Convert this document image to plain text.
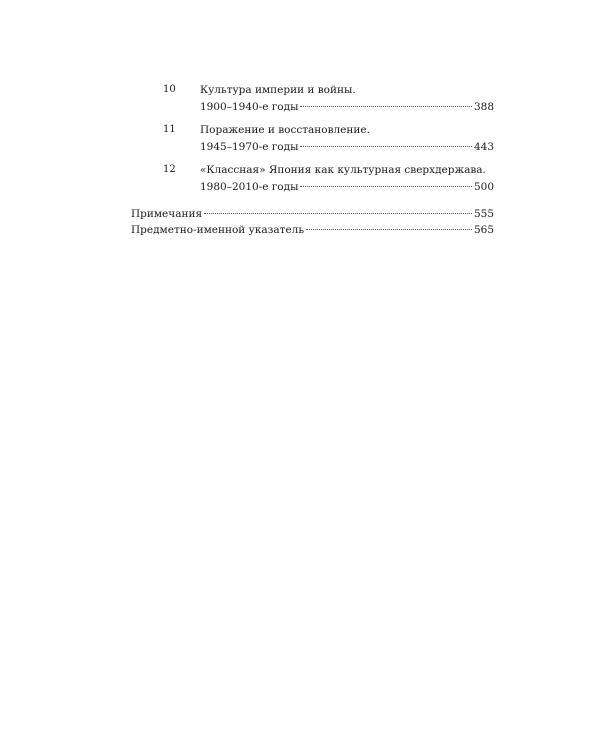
10	Культура империи и войны.
1900–1940-е годы	388
11	Поражение и восстановление.
1945–1970-е годы	443
12	«Классная» Япония как культурная сверхдержава.
1980–2010-е годы	500
Примечания	555
Предметно-именной указатель	565
